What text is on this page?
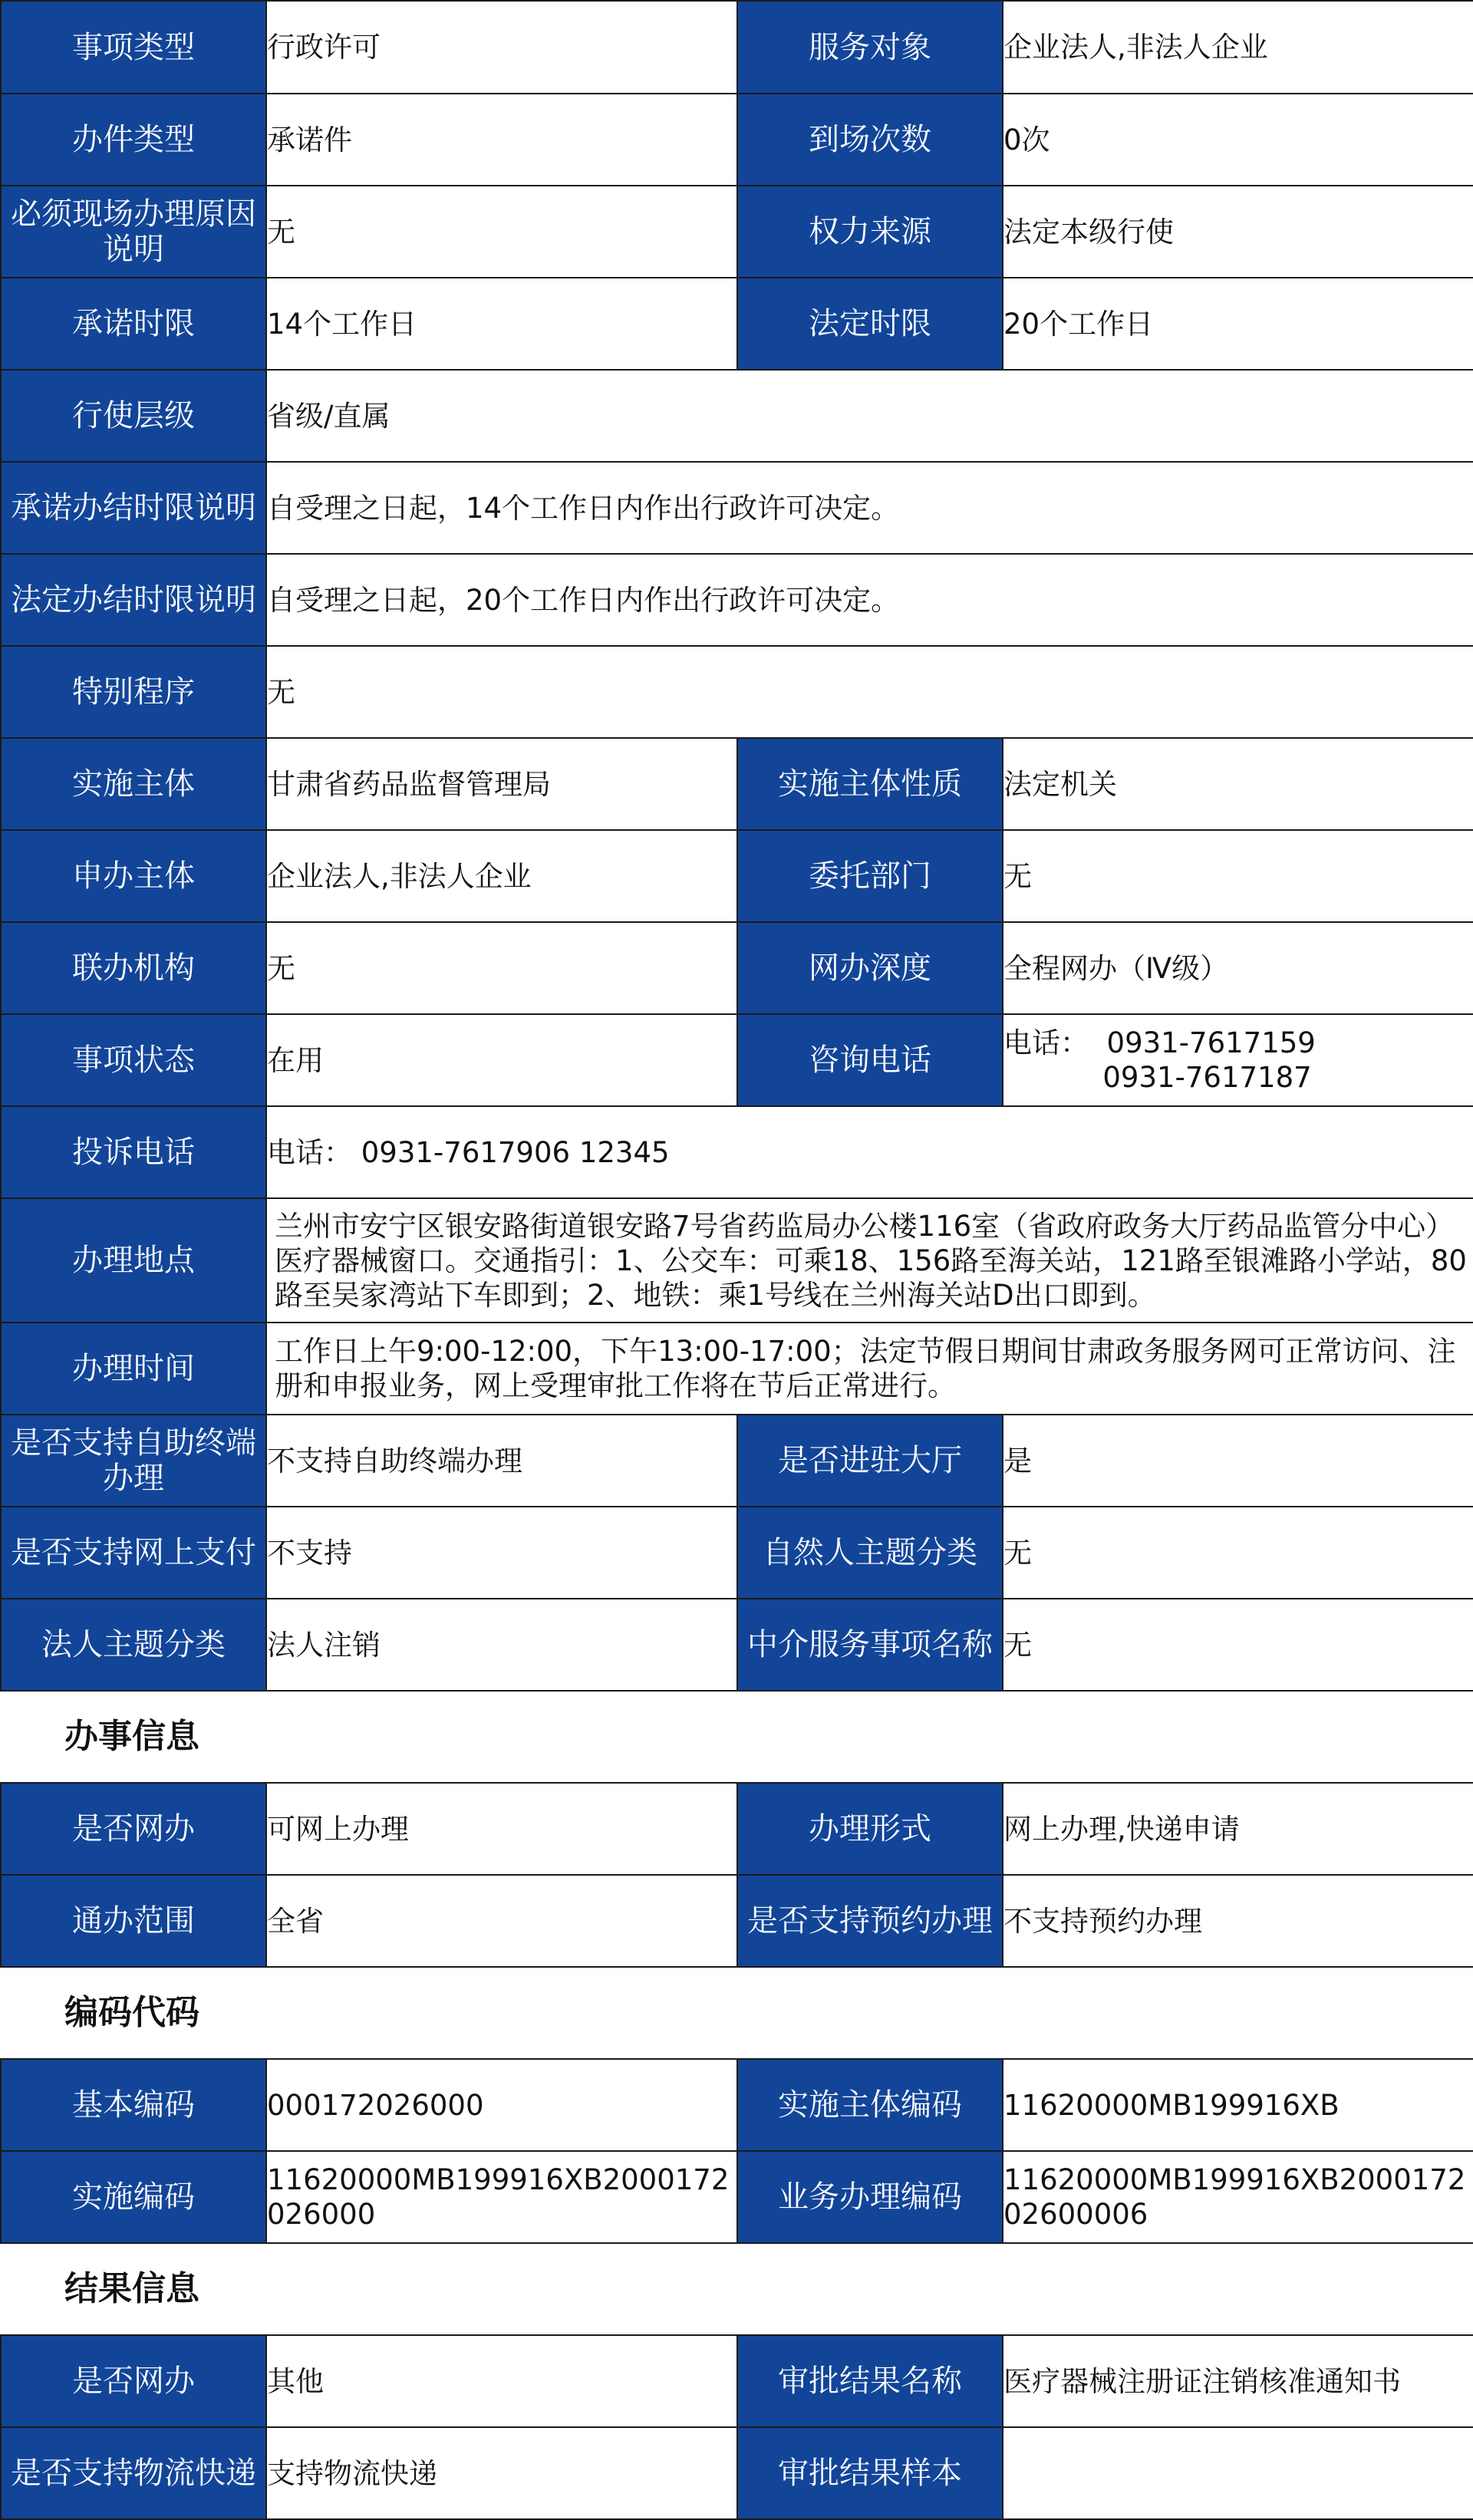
事项类型	行政许可	服务对象	企业法人,非法人企业
办件类型	承诺件	到场次数	0次
必须现场办理原因说明	无	权力来源	法定本级行使
承诺时限	14个工作日	法定时限	20个工作日
行使层级	省级/直属		
承诺办结时限说明	自受理之日起，14个工作日内作出行政许可决定。		
法定办结时限说明	自受理之日起，20个工作日内作出行政许可决定。		
特别程序	无		
实施主体	甘肃省药品监督管理局	实施主体性质	法定机关
申办主体	企业法人,非法人企业	委托部门	无
联办机构	无	网办深度	全程网办（Ⅳ级）
事项状态	在用	咨询电话	电话：  0931-7617159
0931-7617187

投诉电话	电话： 0931-7617906 12345		
办理地点	兰州市安宁区银安路街道银安路7号省药监局办公楼116室（省政府政务大厅药品监管分中心）医疗器械窗口。交通指引：1、公交车：可乘18、156路至海关站，121路至银滩路小学站，80路至吴家湾站下车即到；2、地铁：乘1号线在兰州海关站D出口即到。		
办理时间	工作日上午9:00-12:00，下午13:00-17:00；法定节假日期间甘肃政务服务网可正常访问、注册和申报业务，网上受理审批工作将在节后正常进行。		
是否支持自助终端办理	不支持自助终端办理	是否进驻大厅	是
是否支持网上支付	不支持	自然人主题分类	无
法人主题分类	法人注销	中介服务事项名称	无
办事信息
是否网办	可网上办理	办理形式	网上办理,快递申请
通办范围	全省	是否支持预约办理	不支持预约办理
编码代码
基本编码	000172026000	实施主体编码	11620000MB199916XB
实施编码	11620000MB199916XB2000172026000	业务办理编码	11620000MB199916XB200017202600006
结果信息
是否网办	其他	审批结果名称	医疗器械注册证注销核准通知书
是否支持物流快递	支持物流快递	审批结果样本	
